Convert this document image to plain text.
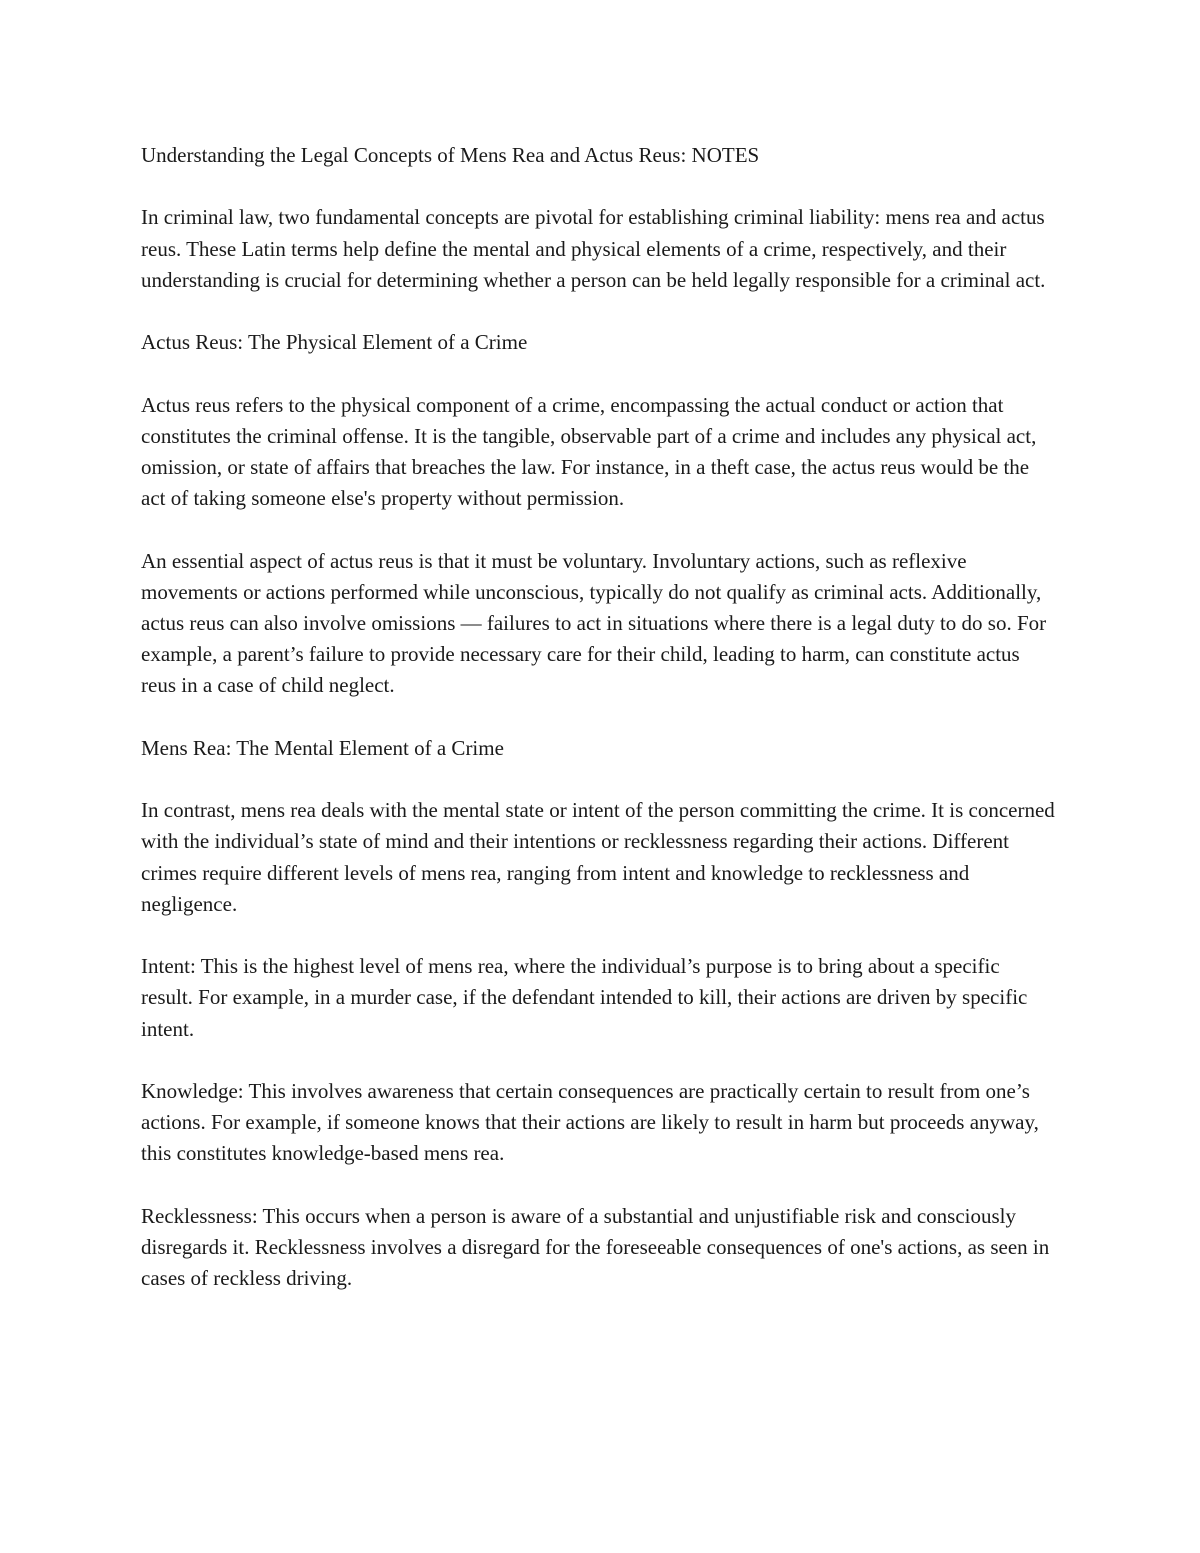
Understanding the Legal Concepts of Mens Rea and Actus Reus: NOTES

In criminal law, two fundamental concepts are pivotal for establishing criminal liability: mens rea and actus reus. These Latin terms help define the mental and physical elements of a crime, respectively, and their understanding is crucial for determining whether a person can be held legally responsible for a criminal act.

Actus Reus: The Physical Element of a Crime

Actus reus refers to the physical component of a crime, encompassing the actual conduct or action that constitutes the criminal offense. It is the tangible, observable part of a crime and includes any physical act, omission, or state of affairs that breaches the law. For instance, in a theft case, the actus reus would be the act of taking someone else's property without permission.

An essential aspect of actus reus is that it must be voluntary. Involuntary actions, such as reflexive movements or actions performed while unconscious, typically do not qualify as criminal acts. Additionally, actus reus can also involve omissions — failures to act in situations where there is a legal duty to do so. For example, a parent’s failure to provide necessary care for their child, leading to harm, can constitute actus reus in a case of child neglect.

Mens Rea: The Mental Element of a Crime

In contrast, mens rea deals with the mental state or intent of the person committing the crime. It is concerned with the individual’s state of mind and their intentions or recklessness regarding their actions. Different crimes require different levels of mens rea, ranging from intent and knowledge to recklessness and negligence.

Intent: This is the highest level of mens rea, where the individual’s purpose is to bring about a specific result. For example, in a murder case, if the defendant intended to kill, their actions are driven by specific intent.

Knowledge: This involves awareness that certain consequences are practically certain to result from one’s actions. For example, if someone knows that their actions are likely to result in harm but proceeds anyway, this constitutes knowledge-based mens rea.

Recklessness: This occurs when a person is aware of a substantial and unjustifiable risk and consciously disregards it. Recklessness involves a disregard for the foreseeable consequences of one's actions, as seen in cases of reckless driving.
